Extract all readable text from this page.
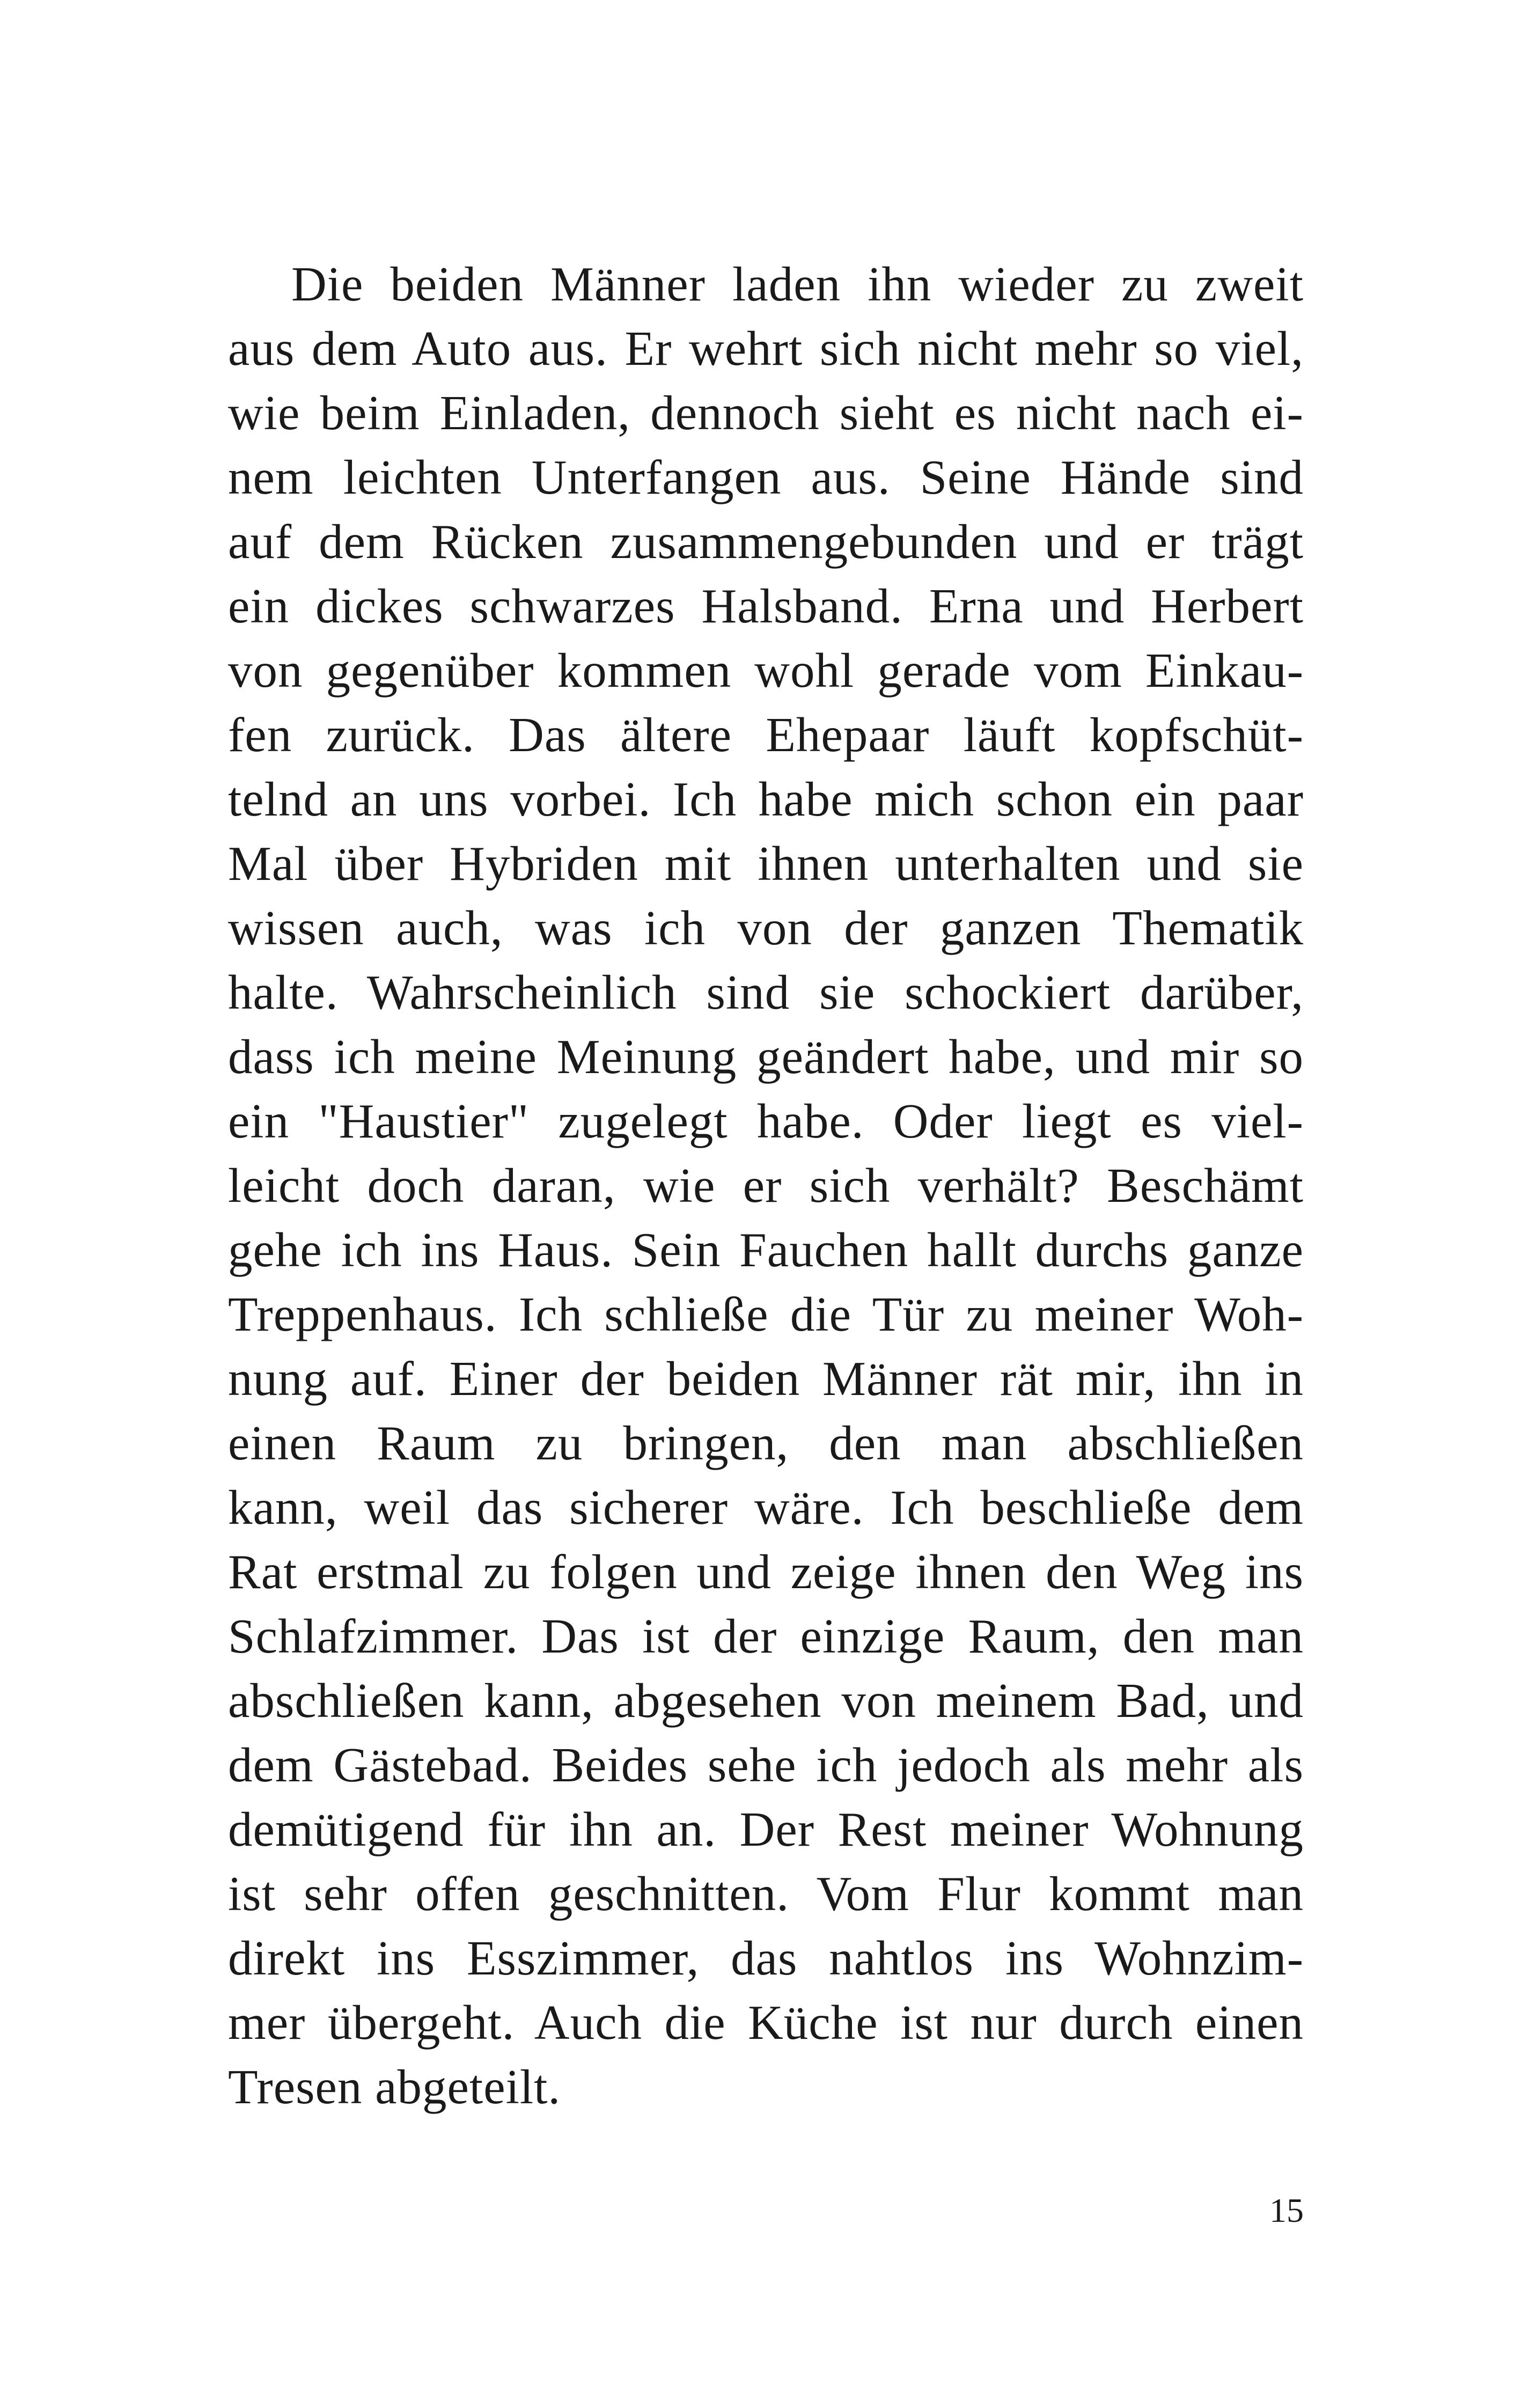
Die beiden Männer laden ihn wieder zu zweit
aus dem Auto aus. Er wehrt sich nicht mehr so viel,
wie beim Einladen, dennoch sieht es nicht nach ei-
nem leichten Unterfangen aus. Seine Hände sind
auf dem Rücken zusammengebunden und er trägt
ein dickes schwarzes Halsband. Erna und Herbert
von gegenüber kommen wohl gerade vom Einkau-
fen zurück. Das ältere Ehepaar läuft kopfschüt-
telnd an uns vorbei. Ich habe mich schon ein paar
Mal über Hybriden mit ihnen unterhalten und sie
wissen auch, was ich von der ganzen Thematik
halte. Wahrscheinlich sind sie schockiert darüber,
dass ich meine Meinung geändert habe, und mir so
ein "Haustier" zugelegt habe. Oder liegt es viel-
leicht doch daran, wie er sich verhält? Beschämt
gehe ich ins Haus. Sein Fauchen hallt durchs ganze
Treppenhaus. Ich schließe die Tür zu meiner Woh-
nung auf. Einer der beiden Männer rät mir, ihn in
einen Raum zu bringen, den man abschließen
kann, weil das sicherer wäre. Ich beschließe dem
Rat erstmal zu folgen und zeige ihnen den Weg ins
Schlafzimmer. Das ist der einzige Raum, den man
abschließen kann, abgesehen von meinem Bad, und
dem Gästebad. Beides sehe ich jedoch als mehr als
demütigend für ihn an. Der Rest meiner Wohnung
ist sehr offen geschnitten. Vom Flur kommt man
direkt ins Esszimmer, das nahtlos ins Wohnzim-
mer übergeht. Auch die Küche ist nur durch einen
Tresen abgeteilt.
15
